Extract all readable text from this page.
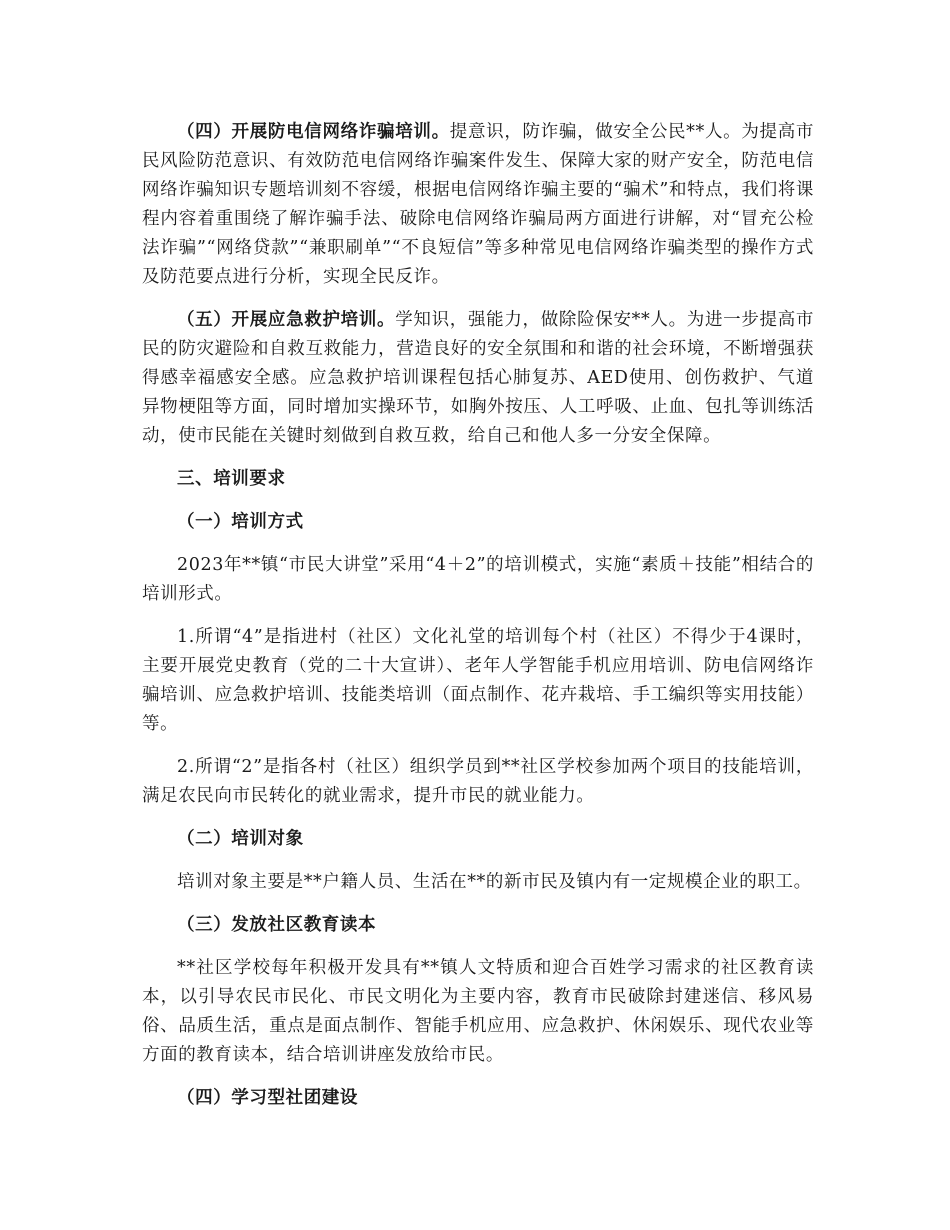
（四）开展防电信网络诈骗培训。提意识，防诈骗，做安全公民**人。为提高市民风险防范意识、有效防范电信网络诈骗案件发生、保障大家的财产安全，防范电信网络诈骗知识专题培训刻不容缓，根据电信网络诈骗主要的“骗术”和特点，我们将课程内容着重围绕了解诈骗手法、破除电信网络诈骗局两方面进行讲解，对“冒充公检法诈骗”“网络贷款”“兼职刷单”“不良短信”等多种常见电信网络诈骗类型的操作方式及防范要点进行分析，实现全民反诈。

（五）开展应急救护培训。学知识，强能力，做除险保安**人。为进一步提高市民的防灾避险和自救互救能力，营造良好的安全氛围和和谐的社会环境，不断增强获得感幸福感安全感。应急救护培训课程包括心肺复苏、AED使用、创伤救护、气道异物梗阻等方面，同时增加实操环节，如胸外按压、人工呼吸、止血、包扎等训练活动，使市民能在关键时刻做到自救互救，给自己和他人多一分安全保障。

三、培训要求

（一）培训方式

2023年**镇“市民大讲堂”采用“4＋2”的培训模式，实施“素质＋技能”相结合的培训形式。

1.所谓“4”是指进村（社区）文化礼堂的培训每个村（社区）不得少于4课时，主要开展党史教育（党的二十大宣讲）、老年人学智能手机应用培训、防电信网络诈骗培训、应急救护培训、技能类培训（面点制作、花卉栽培、手工编织等实用技能）等。

2.所谓“2”是指各村（社区）组织学员到**社区学校参加两个项目的技能培训，满足农民向市民转化的就业需求，提升市民的就业能力。

（二）培训对象

培训对象主要是**户籍人员、生活在**的新市民及镇内有一定规模企业的职工。

（三）发放社区教育读本

**社区学校每年积极开发具有**镇人文特质和迎合百姓学习需求的社区教育读本，以引导农民市民化、市民文明化为主要内容，教育市民破除封建迷信、移风易俗、品质生活，重点是面点制作、智能手机应用、应急救护、休闲娱乐、现代农业等方面的教育读本，结合培训讲座发放给市民。

（四）学习型社团建设
